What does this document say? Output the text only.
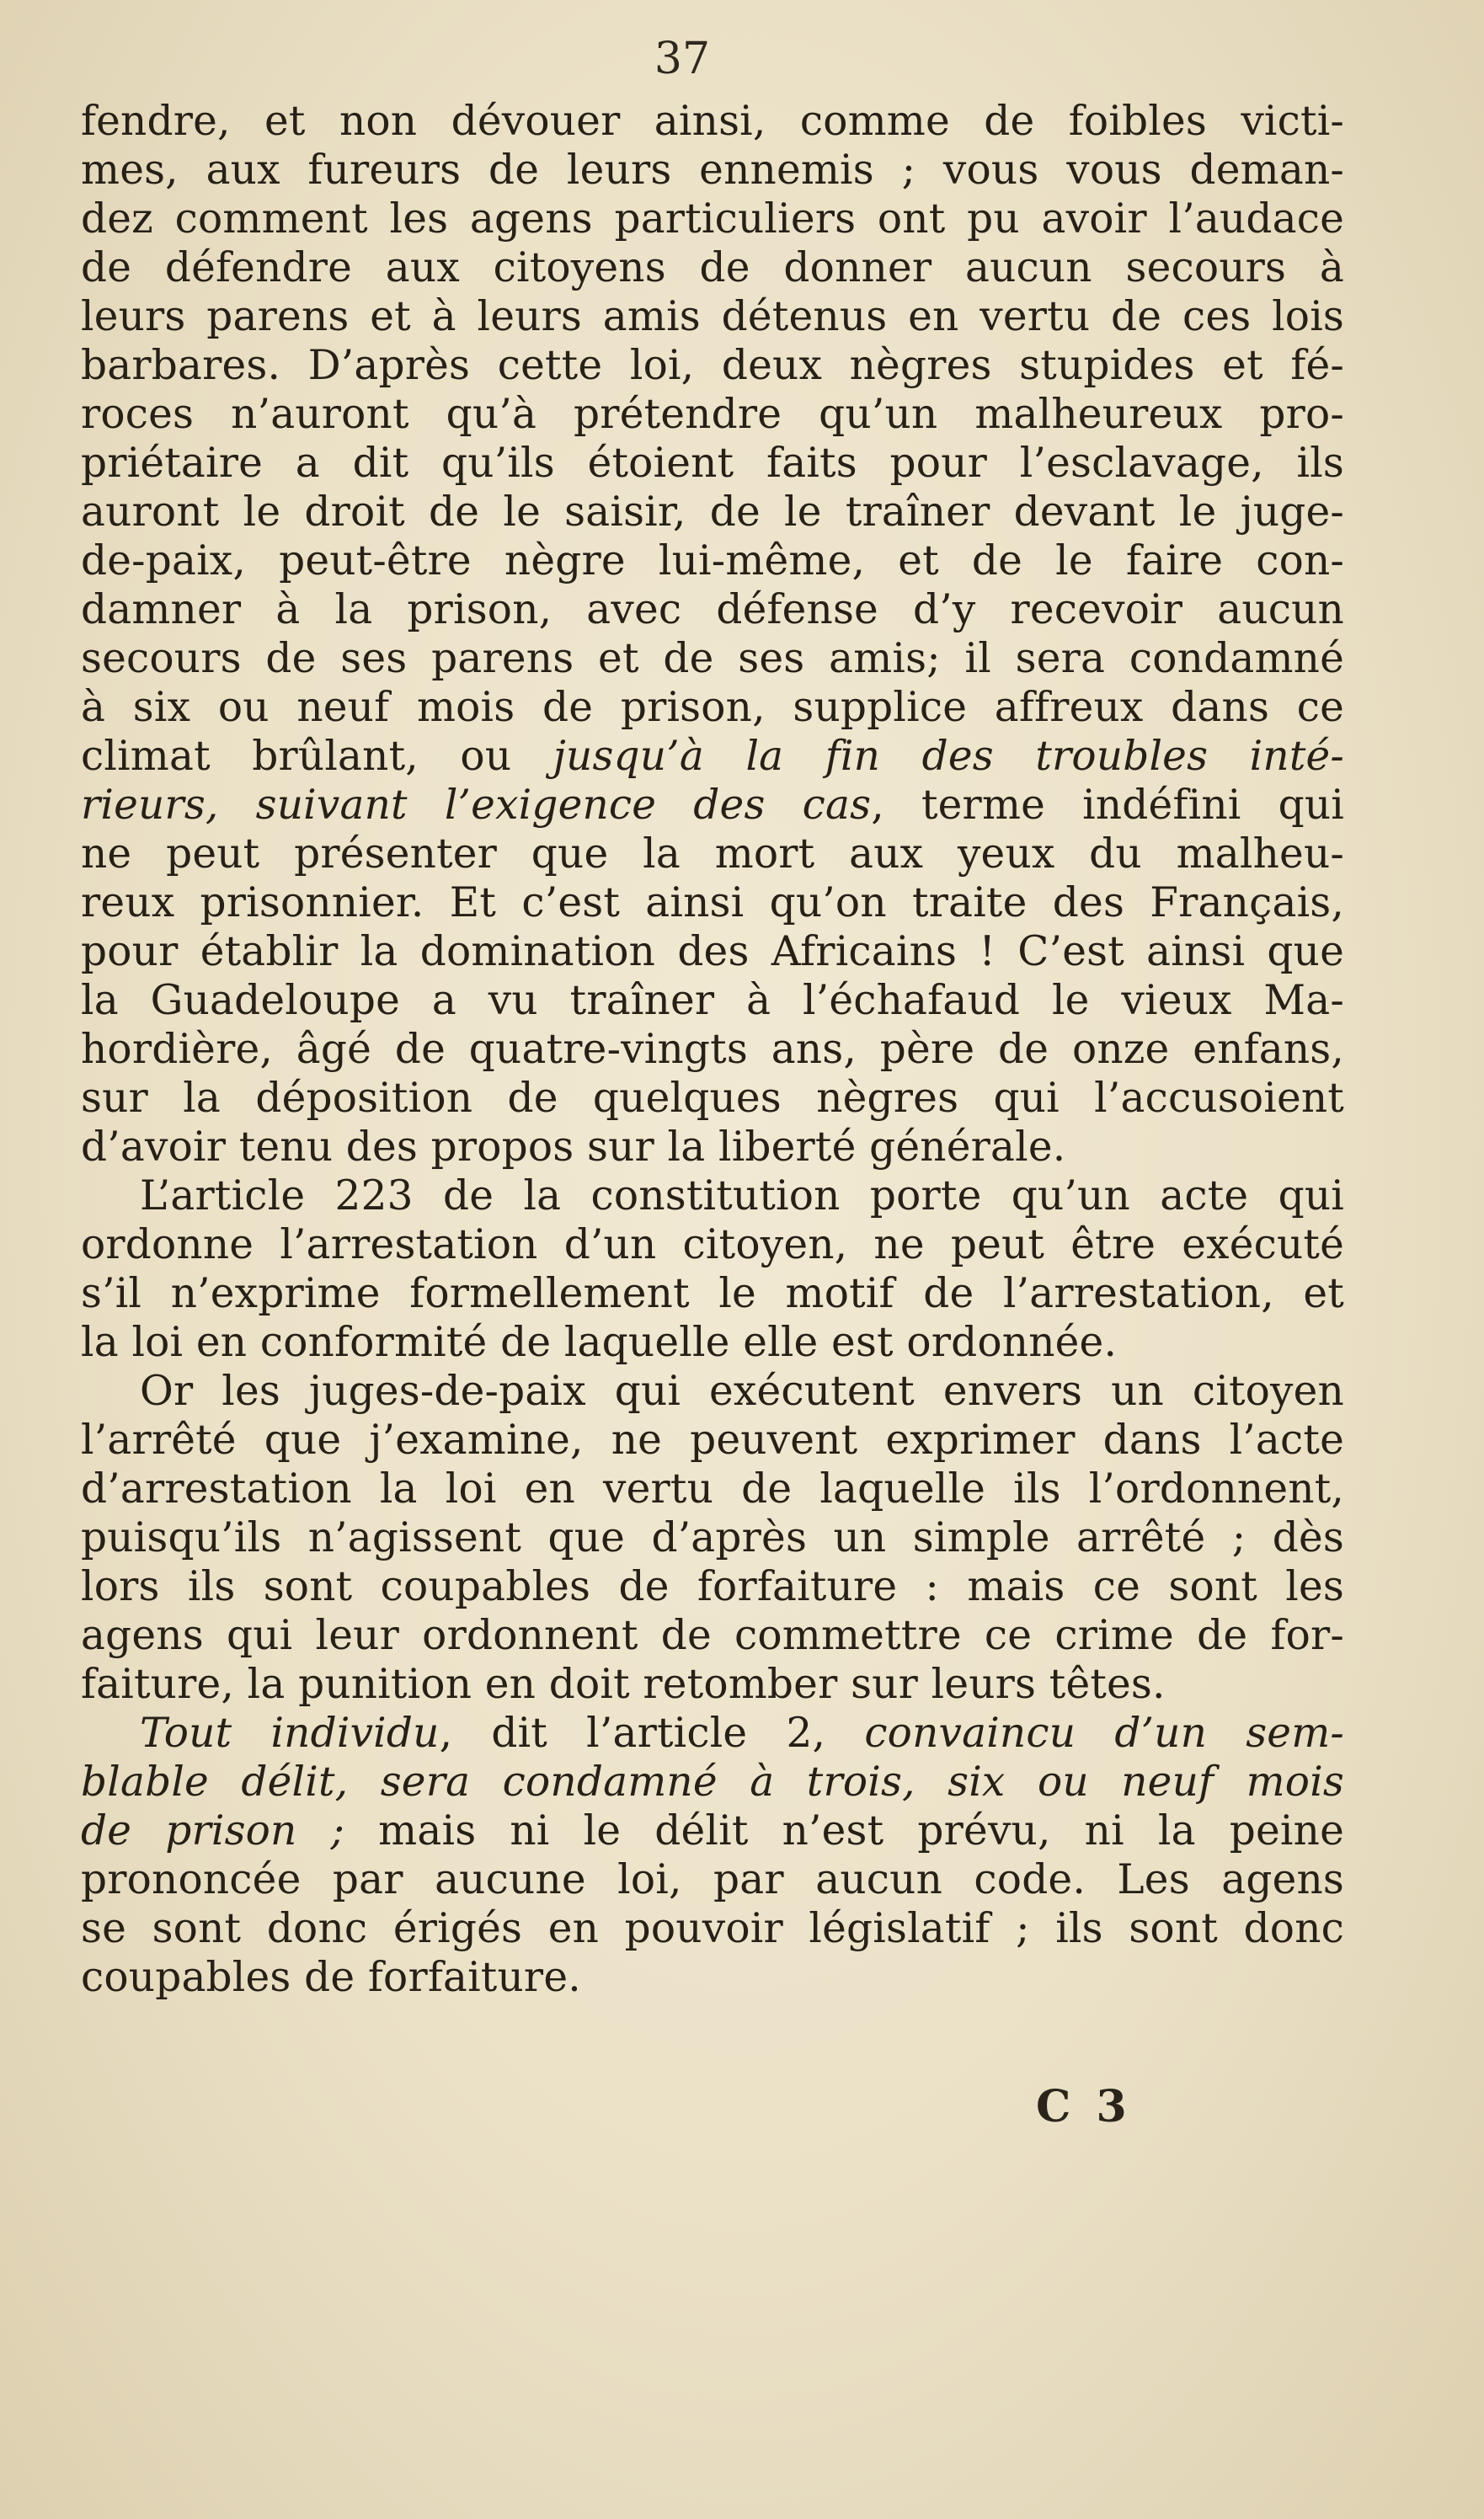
37
fendre, et non dévouer ainsi, comme de foibles victi-
mes, aux fureurs de leurs ennemis ; vous vous deman-
dez comment les agens particuliers ont pu avoir l’audace
de défendre aux citoyens de donner aucun secours à
leurs parens et à leurs amis détenus en vertu de ces lois
barbares. D’après cette loi, deux nègres stupides et fé-
roces n’auront qu’à prétendre qu’un malheureux pro-
priétaire a dit qu’ils étoient faits pour l’esclavage, ils
auront le droit de le saisir, de le traîner devant le juge-
de-paix, peut-être nègre lui-même, et de le faire con-
damner à la prison, avec défense d’y recevoir aucun
secours de ses parens et de ses amis; il sera condamné
à six ou neuf mois de prison, supplice affreux dans ce
climat brûlant, ou jusqu’à la fin des troubles inté-
rieurs, suivant l’exigence des cas, terme indéfini qui
ne peut présenter que la mort aux yeux du malheu-
reux prisonnier. Et c’est ainsi qu’on traite des Français,
pour établir la domination des Africains ! C’est ainsi que
la Guadeloupe a vu traîner à l’échafaud le vieux Ma-
hordière, âgé de quatre-vingts ans, père de onze enfans,
sur la déposition de quelques nègres qui l’accusoient
d’avoir tenu des propos sur la liberté générale.
L’article 223 de la constitution porte qu’un acte qui
ordonne l’arrestation d’un citoyen, ne peut être exécuté
s’il n’exprime formellement le motif de l’arrestation, et
la loi en conformité de laquelle elle est ordonnée.
Or les juges-de-paix qui exécutent envers un citoyen
l’arrêté que j’examine, ne peuvent exprimer dans l’acte
d’arrestation la loi en vertu de laquelle ils l’ordonnent,
puisqu’ils n’agissent que d’après un simple arrêté ; dès
lors ils sont coupables de forfaiture : mais ce sont les
agens qui leur ordonnent de commettre ce crime de for-
faiture, la punition en doit retomber sur leurs têtes.
Tout individu, dit l’article 2, convaincu d’un sem-
blable délit, sera condamné à trois, six ou neuf mois
de prison ; mais ni le délit n’est prévu, ni la peine
prononcée par aucune loi, par aucun code. Les agens
se sont donc érigés en pouvoir législatif ; ils sont donc
coupables de forfaiture.
C 3
